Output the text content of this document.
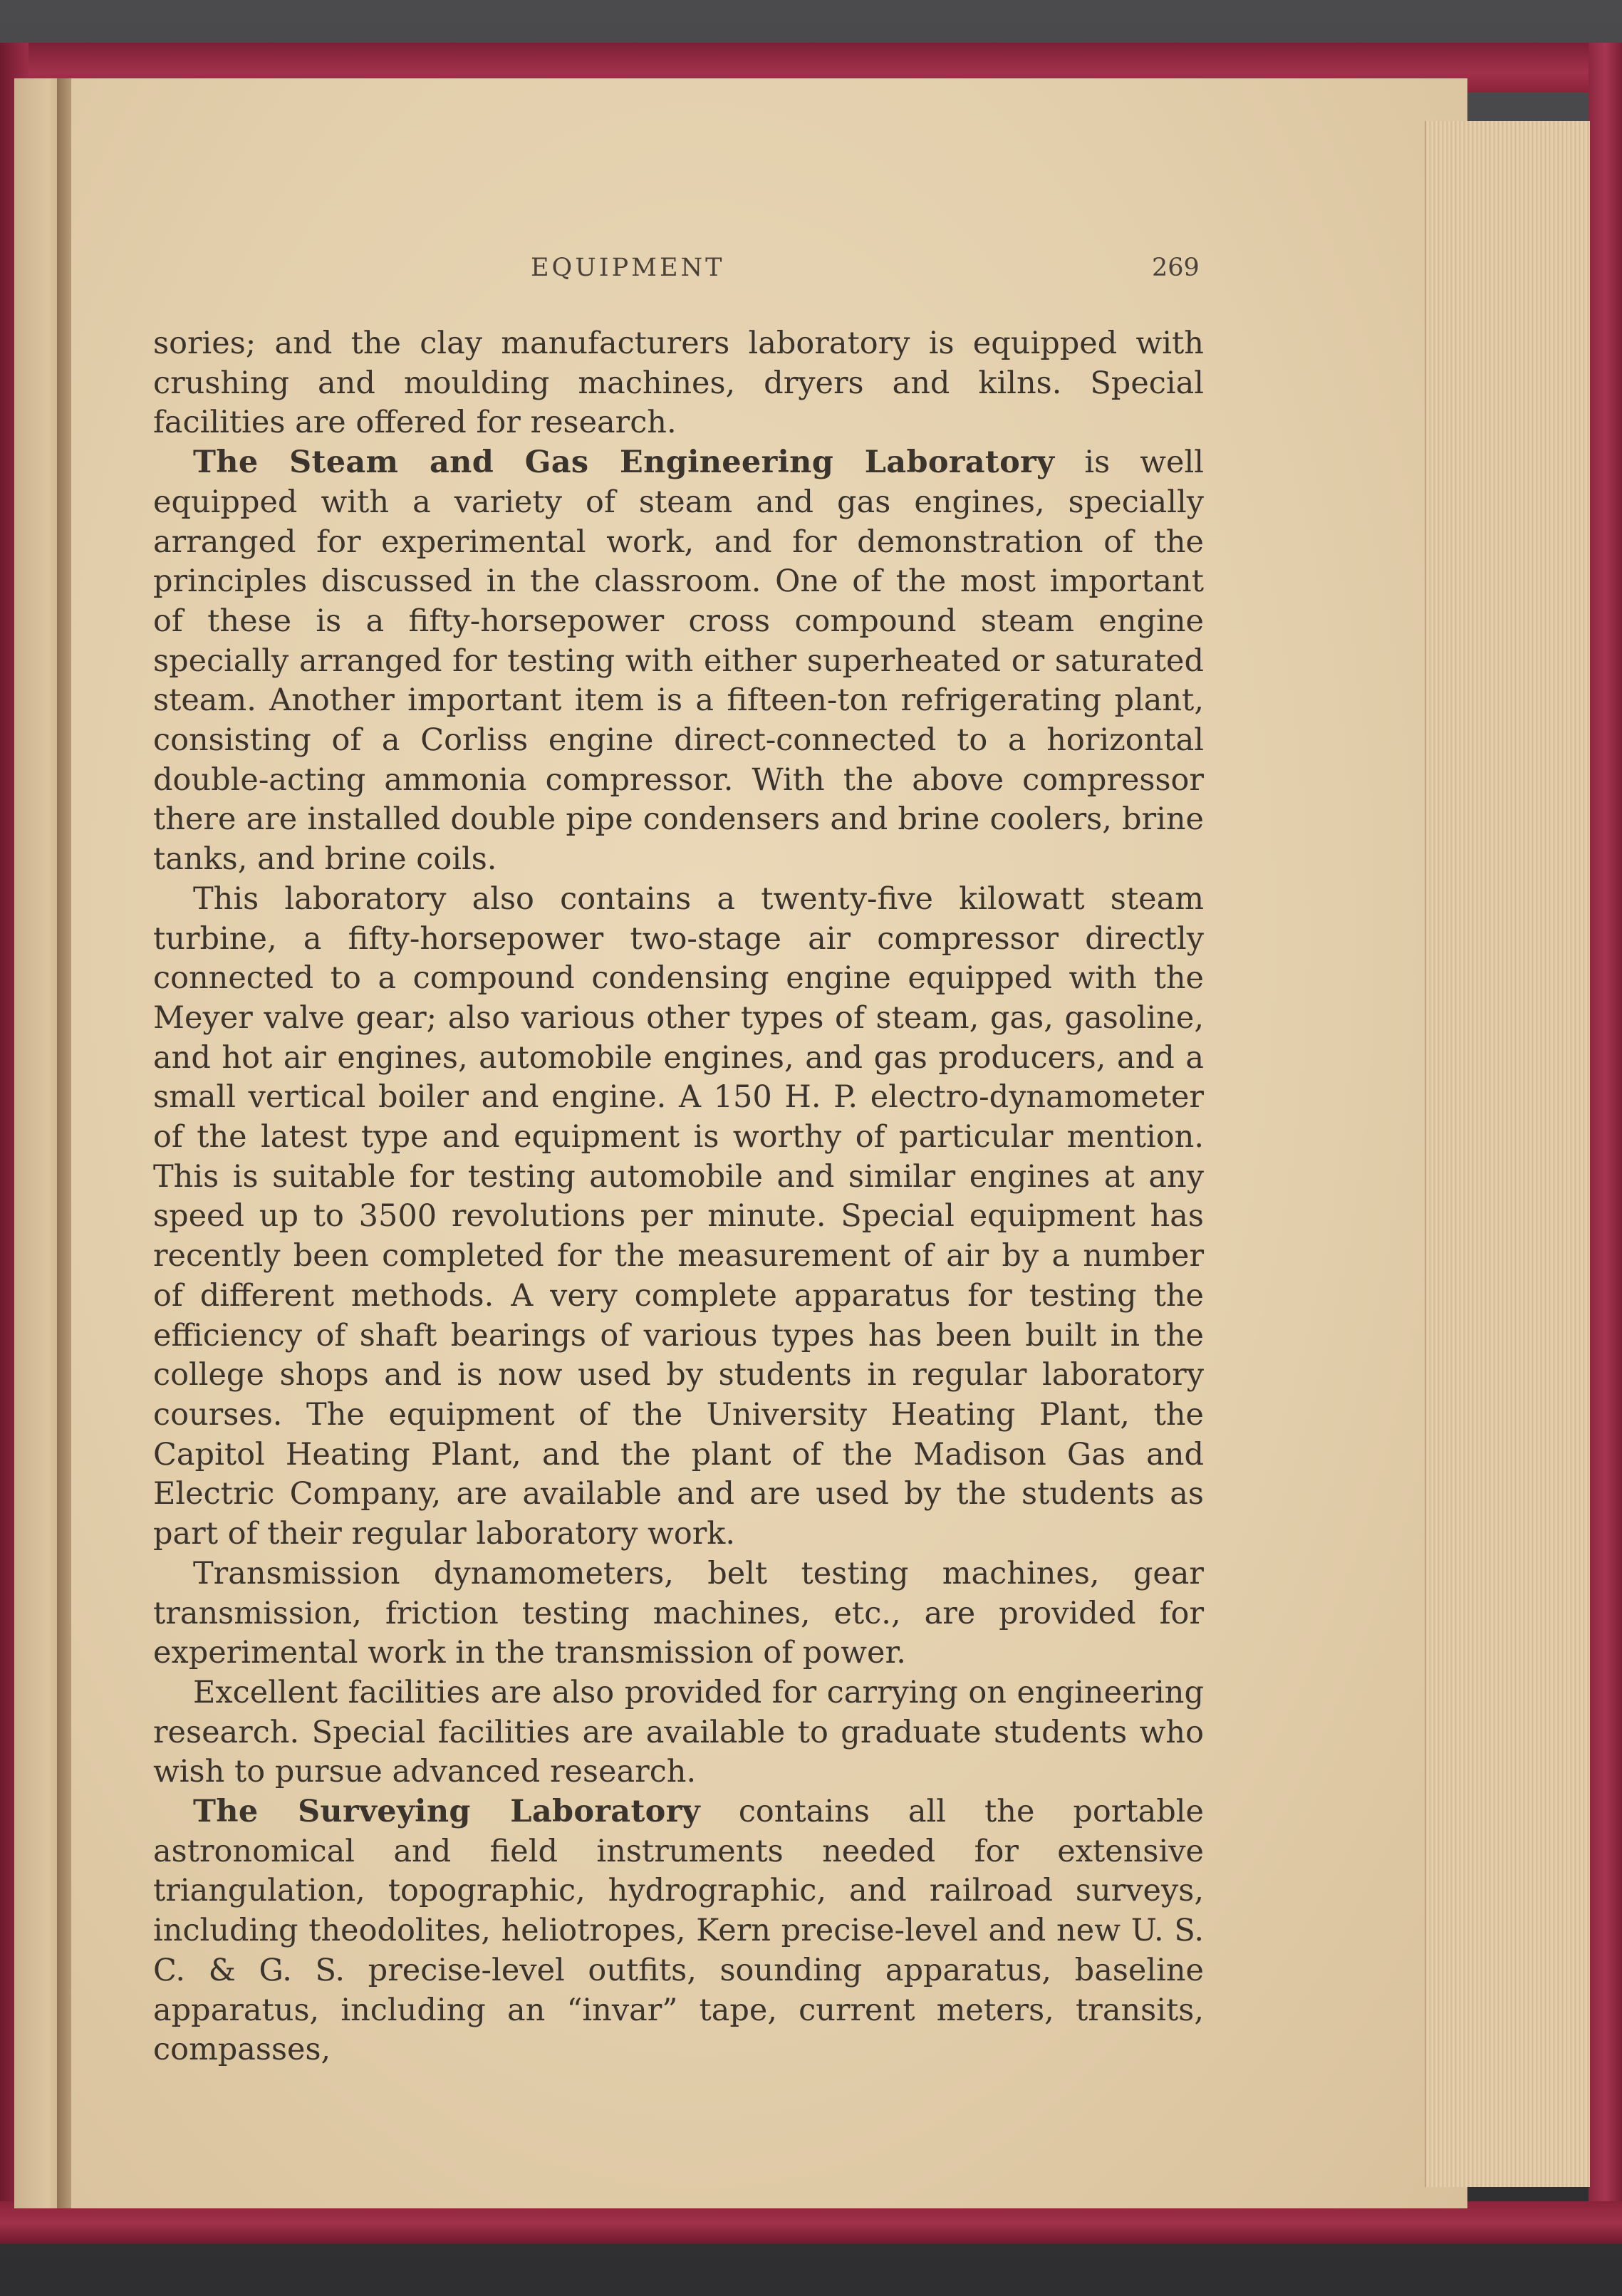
EQUIPMENT	269

sories; and the clay manufacturers laboratory is equipped with crushing and moulding machines, dryers and kilns. Special facilities are offered for research.

The Steam and Gas Engineering Laboratory is well equipped with a variety of steam and gas engines, specially arranged for experimental work, and for demonstration of the principles discussed in the classroom. One of the most important of these is a fifty-horsepower cross compound steam engine specially arranged for testing with either superheated or saturated steam. Another important item is a fifteen-ton refrigerating plant, consisting of a Corliss engine direct-connected to a horizontal double-acting ammonia compressor. With the above compressor there are installed double pipe condensers and brine coolers, brine tanks, and brine coils.

This laboratory also contains a twenty-five kilowatt steam turbine, a fifty-horsepower two-stage air compressor directly connected to a compound condensing engine equipped with the Meyer valve gear; also various other types of steam, gas, gasoline, and hot air engines, automobile engines, and gas producers, and a small vertical boiler and engine. A 150 H. P. electro-dynamometer of the latest type and equipment is worthy of particular mention. This is suitable for testing automobile and similar engines at any speed up to 3500 revolutions per minute. Special equipment has recently been completed for the measurement of air by a number of different methods. A very complete apparatus for testing the efficiency of shaft bearings of various types has been built in the college shops and is now used by students in regular laboratory courses. The equipment of the University Heating Plant, the Capitol Heating Plant, and the plant of the Madison Gas and Electric Company, are available and are used by the students as part of their regular laboratory work.

Transmission dynamometers, belt testing machines, gear transmission, friction testing machines, etc., are provided for experimental work in the transmission of power.

Excellent facilities are also provided for carrying on engineering research. Special facilities are available to graduate students who wish to pursue advanced research.

The Surveying Laboratory contains all the portable astronomical and field instruments needed for extensive triangulation, topographic, hydrographic, and railroad surveys, including theodolites, heliotropes, Kern precise-level and new U. S. C. & G. S. precise-level outfits, sounding apparatus, baseline apparatus, including an “invar” tape, current meters, transits, compasses,
